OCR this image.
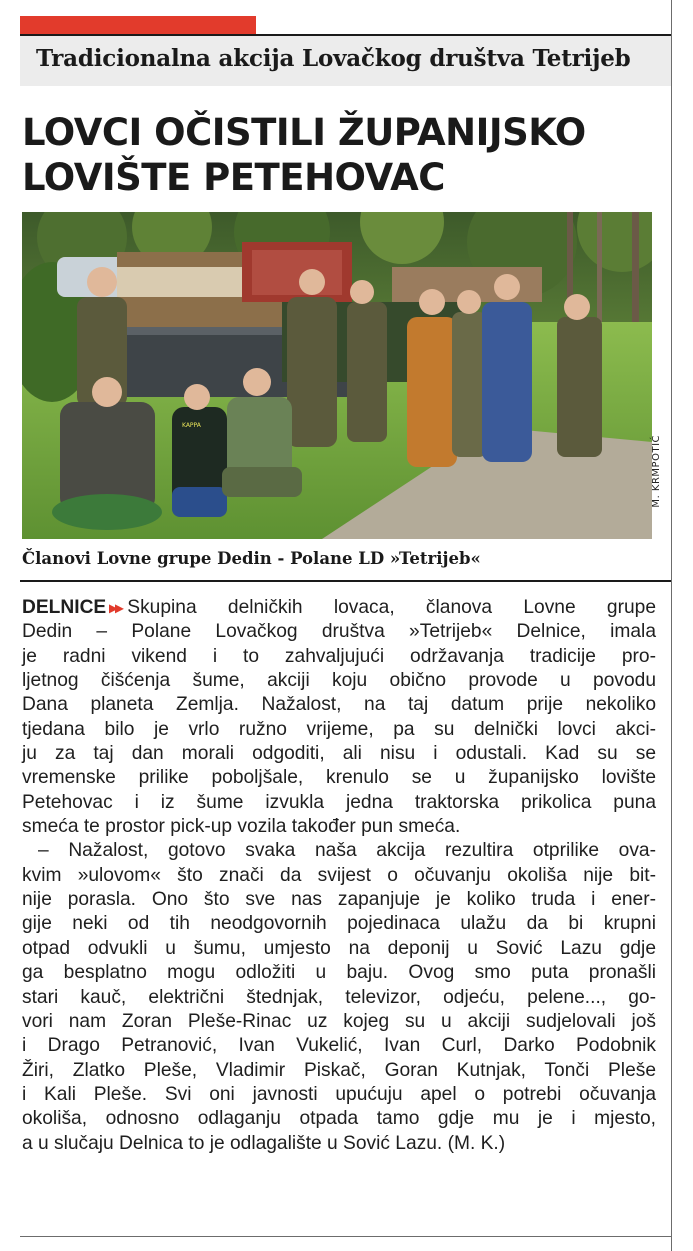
Tradicionalna akcija Lovačkog društva Tetrijeb
LOVCI OČISTILI ŽUPANIJSKO
LOVIŠTE PETEHOVAC
KAPPA
M. KRMPOTIĆ

Članovi Lovne grupe Dedin - Polane LD »Tetrijeb«

DELNICE ▸▸ Skupina delničkih lovaca, članova Lovne grupe
Dedin – Polane Lovačkog društva »Tetrijeb« Delnice, imala
je radni vikend i to zahvaljujući održavanja tradicije pro-
ljetnog čišćenja šume, akciji koju obično provode u povodu
Dana planeta Zemlja. Nažalost, na taj datum prije nekoliko
tjedana bilo je vrlo ružno vrijeme, pa su delnički lovci akci-
ju za taj dan morali odgoditi, ali nisu i odustali. Kad su se
vremenske prilike poboljšale, krenulo se u županijsko lovište
Petehovac i iz šume izvukla jedna traktorska prikolica puna
smeća te prostor pick-up vozila također pun smeća.
– Nažalost, gotovo svaka naša akcija rezultira otprilike ova-
kvim »ulovom« što znači da svijest o očuvanju okoliša nije bit-
nije porasla. Ono što sve nas zapanjuje je koliko truda i ener-
gije neki od tih neodgovornih pojedinaca ulažu da bi krupni
otpad odvukli u šumu, umjesto na deponij u Sović Lazu gdje
ga besplatno mogu odložiti u baju. Ovog smo puta pronašli
stari kauč, električni štednjak, televizor, odjeću, pelene..., go-
vori nam Zoran Pleše-Rinac uz kojeg su u akciji sudjelovali još
i Drago Petranović, Ivan Vukelić, Ivan Curl, Darko Podobnik
Žiri, Zlatko Pleše, Vladimir Piskač, Goran Kutnjak, Tonči Pleše
i Kali Pleše. Svi oni javnosti upućuju apel o potrebi očuvanja
okoliša, odnosno odlaganju otpada tamo gdje mu je i mjesto,
a u slučaju Delnica to je odlagalište u Sović Lazu. (M. K.)
